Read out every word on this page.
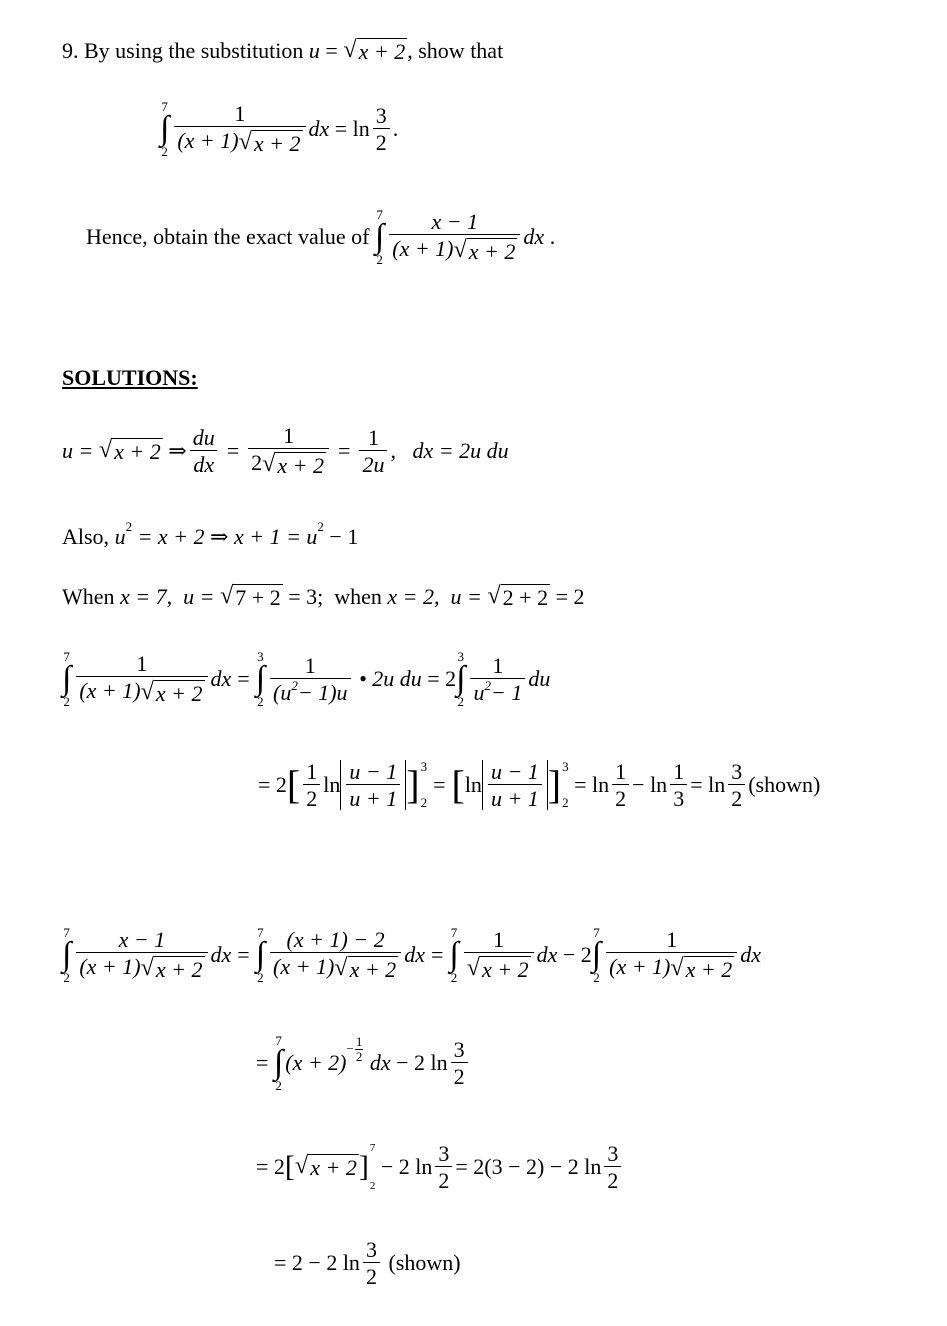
9.
By using the substitution
u
=
√ x + 2 , show that
7
∫
$2 \frac{1}{(x + 1) √ x + 2}$ dx
= $\ln \frac{3}{2}$ .
Hence, obtain the exact value of

7
∫
$2 \frac{x - 1}{(x + 1) √ x + 2}$ dx
.
SOLUTIONS:
u =
√ x + 2
⇒ $\frac{du}{dx} = \frac{1}{2 √ x + 2} = \frac{1}{2u}$ ,
dx = 2u du
Also,
u 2
= x + 2 ⇒ x + 1 = u 2
− 1
When
x = 7,
u =
√ 7 + 2
= 3;
when
x = 2,
u =
√ 2 + 2
= 2
7
∫
$2 \frac{1}{(x + 1) √ x + 2}$ dx =
3
∫
$2 \frac{1}{(u^2- 1)u}$
• 2u du
= 2
3
∫
$2 \frac{1}{u^2- 1}$ du
= 2 [ $\frac{1}{2}$ $\ln \frac{u - 1}{u + 1}$ ] 3
2
= [ $\ln \frac{u - 1}{u + 1}$ ] 3
2

= $\ln \frac{1}{2} - \ln \frac{1}{3} = \ln \frac{3}{2}$ (shown)
7
∫
$2 \frac{x - 1}{(x + 1) √ x + 2}$ dx =
7
∫
$2 \frac{(x + 1) - 2}{(x + 1) √ x + 2}$ dx =
7
∫
$2 \frac{1}{√ x + 2}$ dx
− 2
7
∫
$2 \frac{1}{(x + 1) √ x + 2}$ dx
=

7
∫
2
(x + 2)
− $\frac{1}{2}$
dx
− 2 $\ln \frac{3}{2}$
= 2 [ √ x + 2 ]
7
2

− 2 $\ln \frac{3}{2} = 2(3 - 2) - 2$ $\ln \frac{3}{2}$
= 2 − 2 $\ln \frac{3}{2}$
(shown)
